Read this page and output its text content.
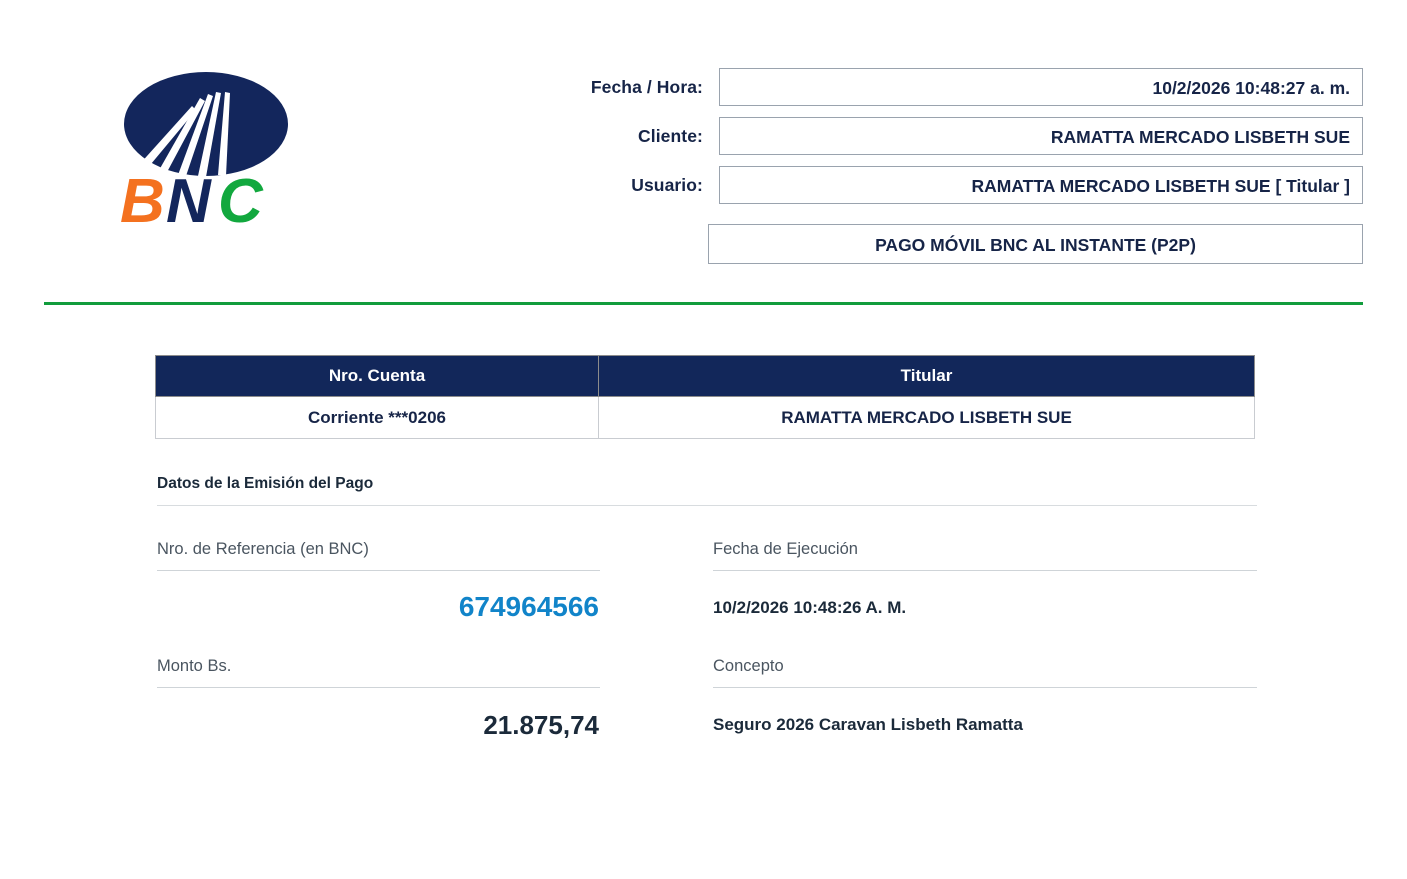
B N C
Fecha / Hora:	10/2/2026 10:48:27 a. m.
Cliente:	RAMATTA MERCADO LISBETH SUE
Usuario:	RAMATTA MERCADO LISBETH SUE [ Titular ]
PAGO MÓVIL BNC AL INSTANTE (P2P)
Nro. Cuenta	Titular
Corriente ***0206	RAMATTA MERCADO LISBETH SUE
Datos de la Emisión del Pago
Nro. de Referencia (en BNC)
674964566
Fecha de Ejecución
10/2/2026 10:48:26 A. M.
Monto Bs.
21.875,74
Concepto
Seguro 2026 Caravan Lisbeth Ramatta
